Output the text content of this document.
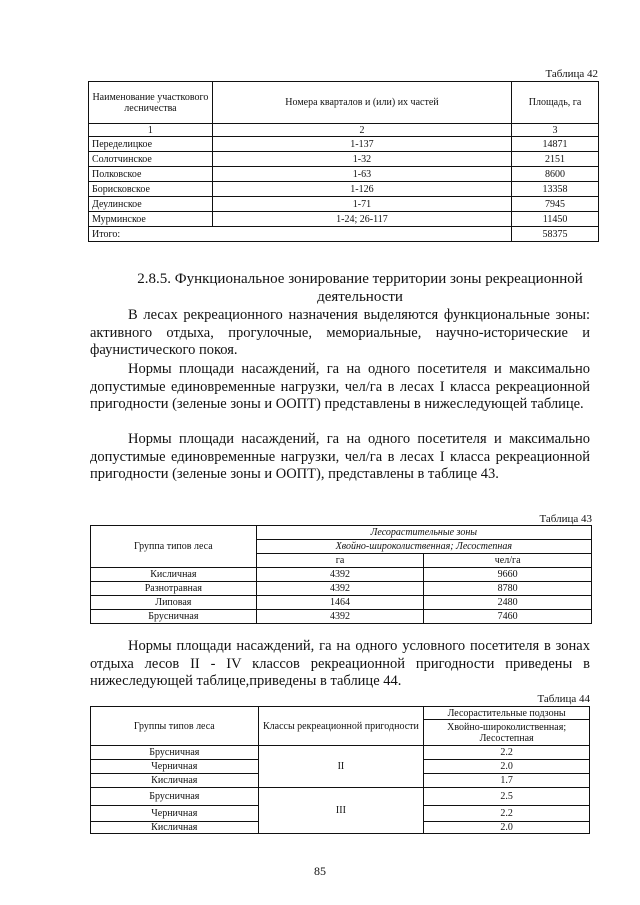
Таблица 42
Наименование участкового лесничества	Номера кварталов и (или) их частей	Площадь, га
1	2	3
Переделицкое	1-137	14871
Солотчинское	1-32	2151
Полковское	1-63	8600
Борисковское	1-126	13358
Деулинское	1-71	7945
Мурминское	1-24; 26-117	11450
Итого:		58375
2.8.5. Функциональное зонирование территории зоны рекреационной деятельности
В лесах рекреационного назначения выделяются функциональные зоны: активного отдыха, прогулочные, мемориальные, научно-исторические и фаунистического покоя.
Нормы площади насаждений, га на одного посетителя и максимально допустимые единовременные нагрузки, чел/га в лесах I класса рекреационной пригодности (зеленые зоны и ООПТ) представлены в нижеследующей таблице.
Нормы площади насаждений, га на одного посетителя и максимально допустимые единовременные нагрузки, чел/га в лесах I класса рекреационной пригодности (зеленые зоны и ООПТ), представлены в таблице 43.
Таблица 43
Группа типов леса	Лесорастительные зоны	
	Хвойно-широколиственная; Лесостепная	
	га	чел/га
Кисличная	4392	9660
Разнотравная	4392	8780
Липовая	1464	2480
Брусничная	4392	7460
Нормы площади насаждений, га на одного условного посетителя в зонах отдыха лесов II - IV классов рекреационной пригодности приведены в нижеследующей таблице,приведены в таблице 44.
Таблица 44
Группы типов леса	Классы рекреационной пригодности	Лесорастительные подзоны
		Хвойно-широколиственная; Лесостепная
Брусничная	II	2.2
Черничная		2.0
Кисличная		1.7
Брусничная	III	2.5
Черничная		2.2
Кисличная		2.0
85
